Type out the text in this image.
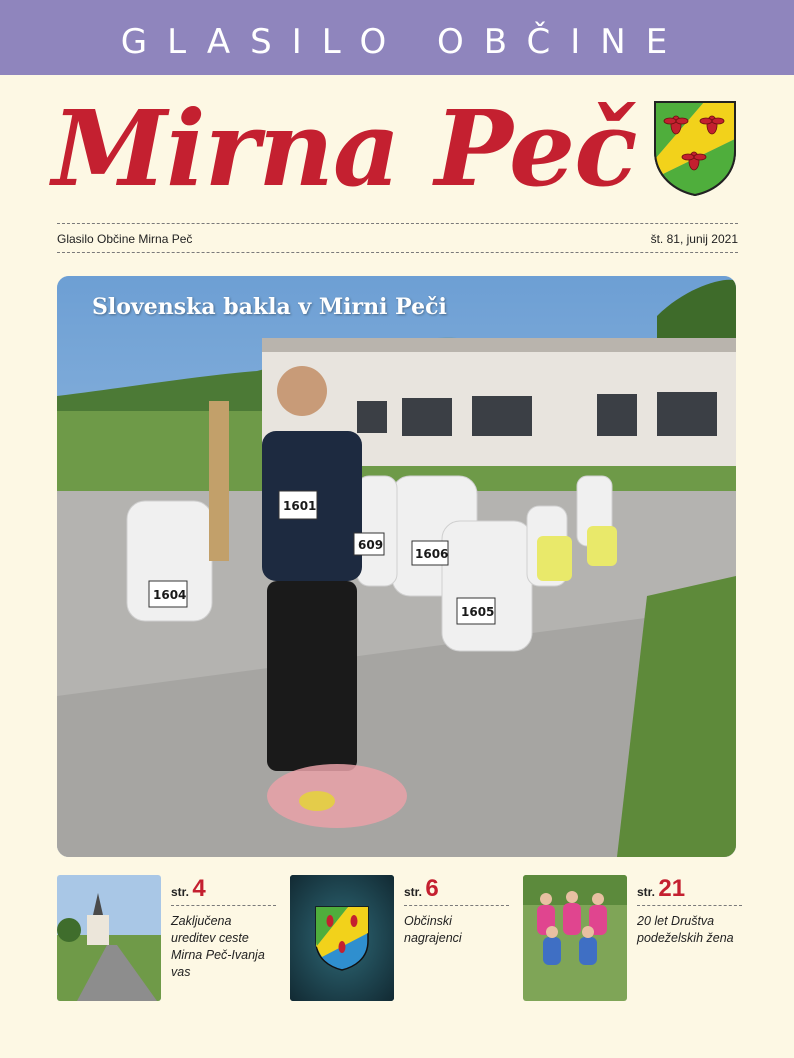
GLASILO OBČINE
Mirna Peč
Glasilo Občine Mirna Peč	št. 81, junij 2021
1601
1604
1606
1605
609
Slovenska bakla v Mirni Peči
str. 4
Zaključena ureditev ceste Mirna Peč-Ivanja vas
str. 6
Občinski nagrajenci
str. 21
20 let Društva podeželskih žena
